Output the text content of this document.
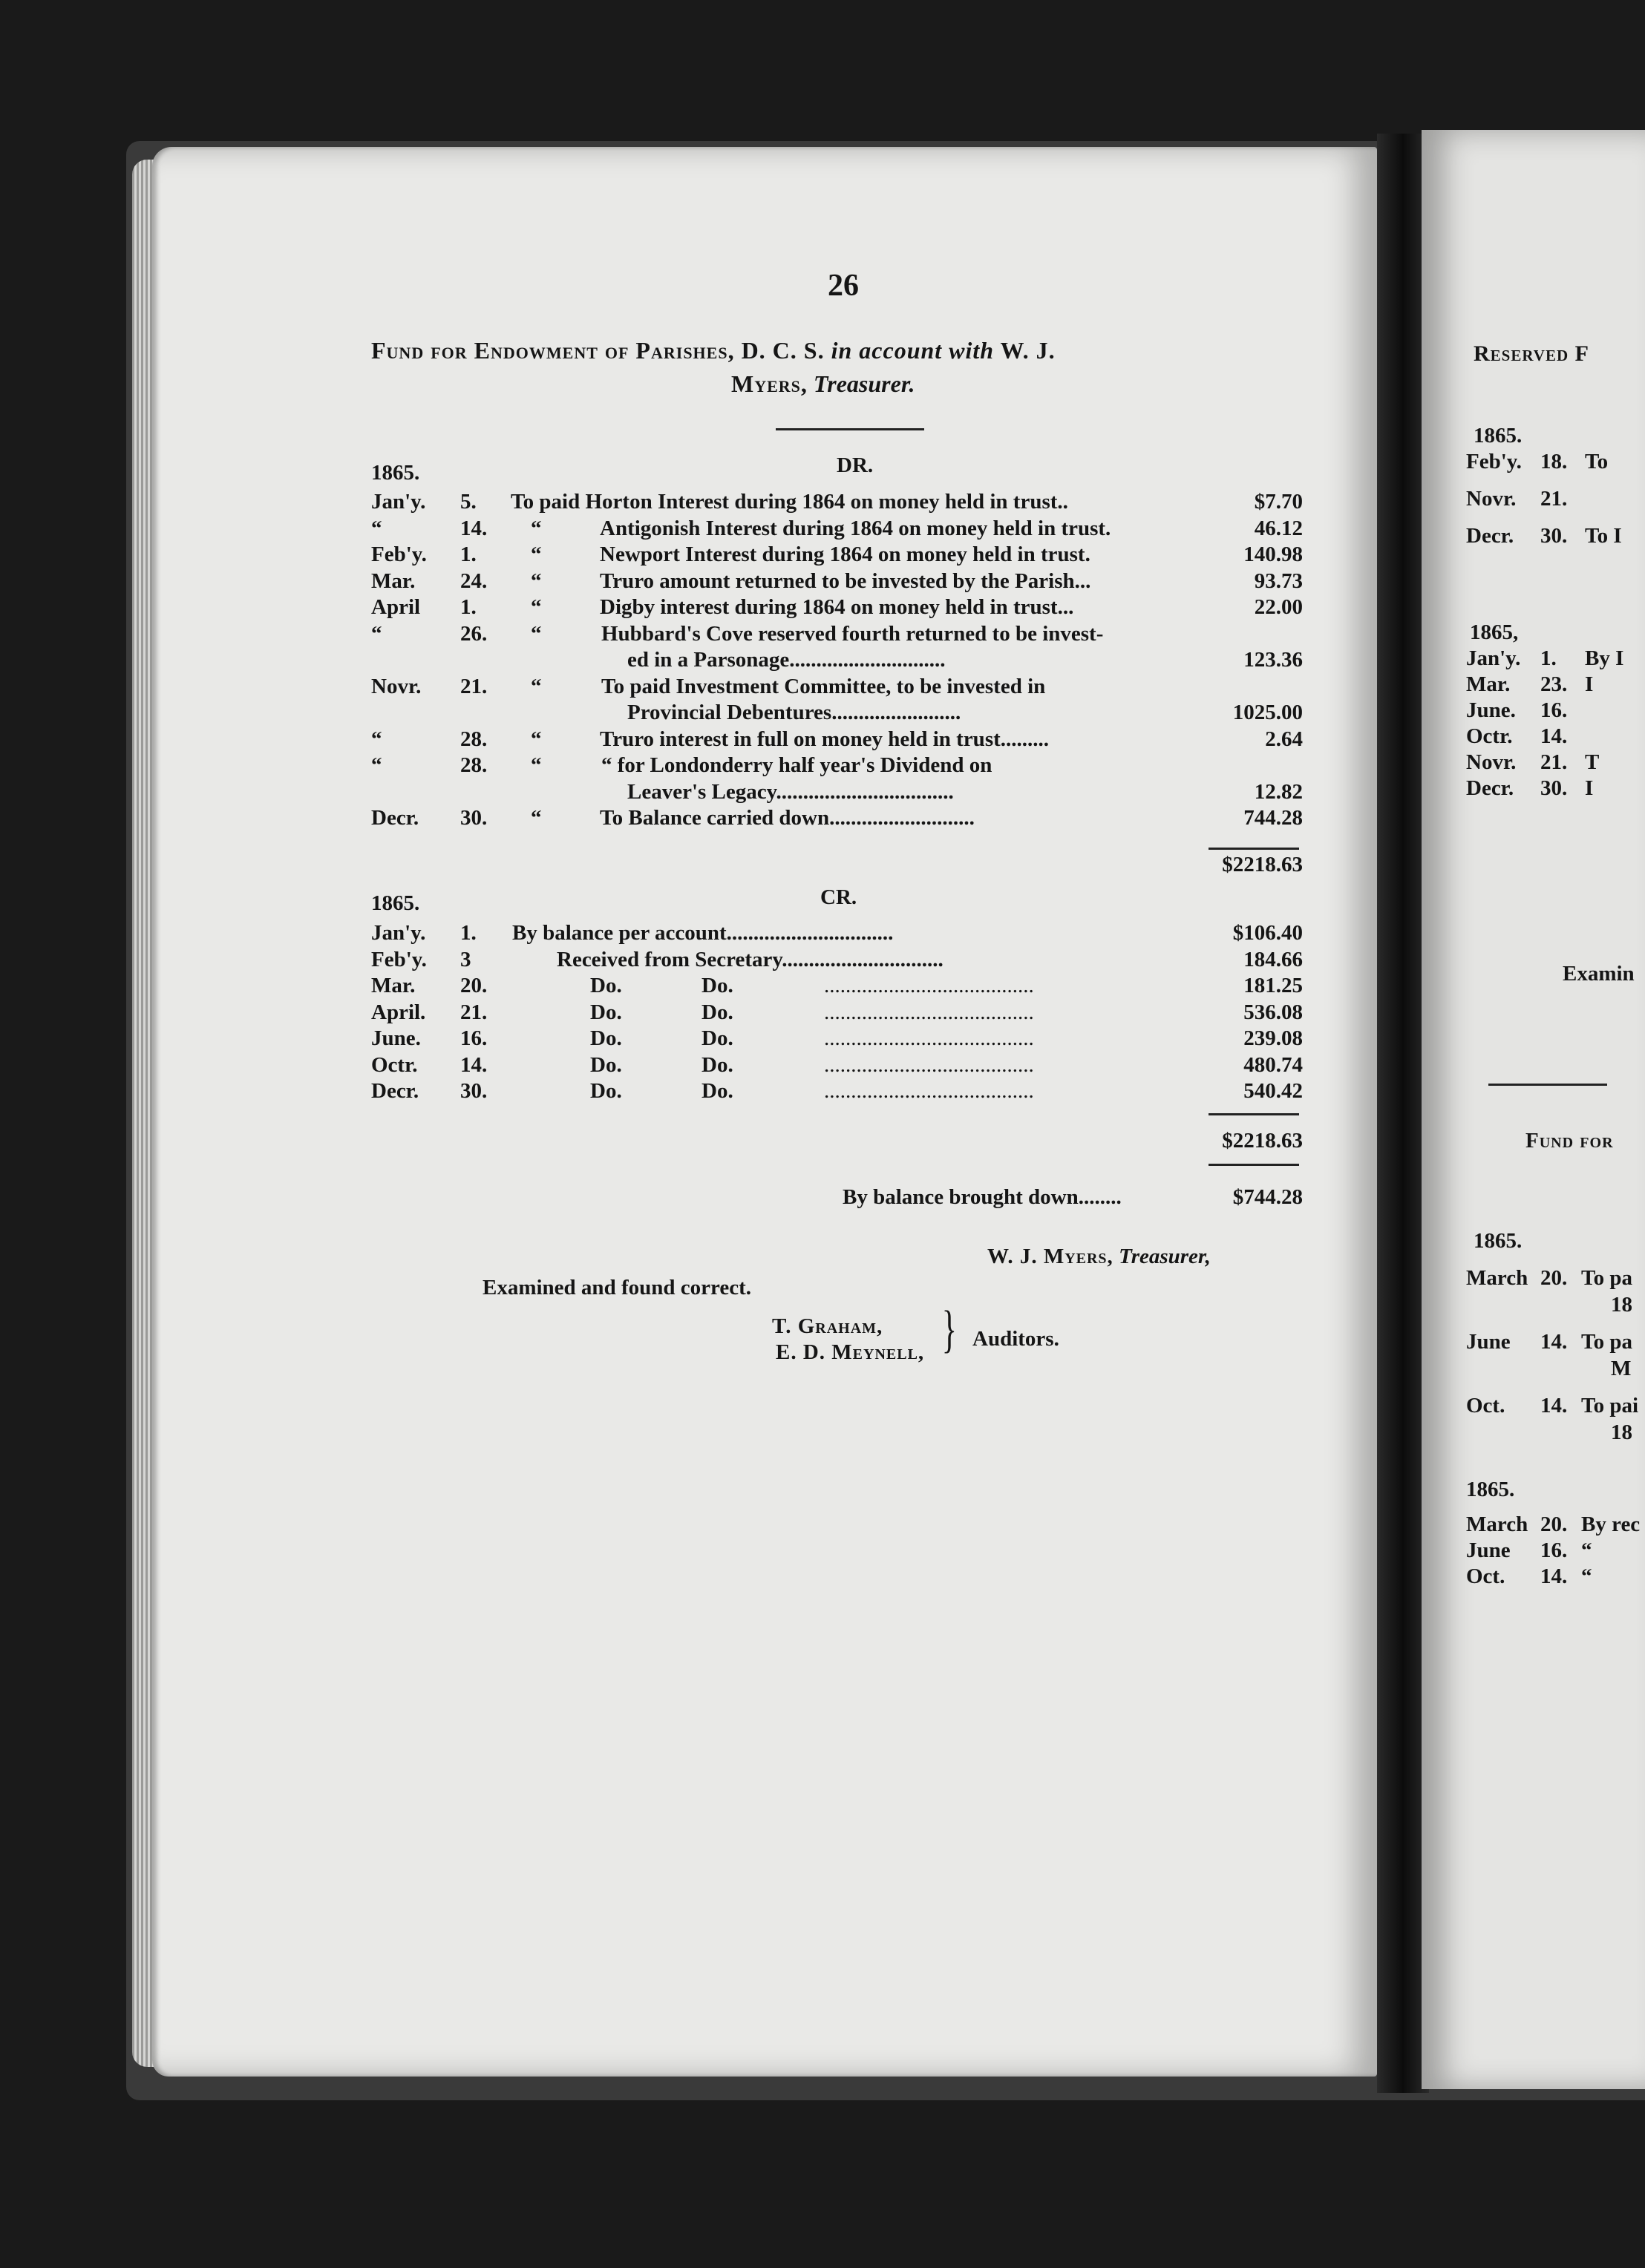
26
Fund for Endowment of Parishes, D. C. S. in account with W. J.
Myers, Treasurer.
1865.	DR.
Jan'y. 5. To paid Horton Interest during 1864 on money held in trust..	$7.70
“	14. “	Antigonish Interest during 1864 on money held in trust.	46.12
Feb'y. 1.	“	Newport Interest during 1864 on money held in trust.	140.98
Mar. 24. “	Truro amount returned to be invested by the Parish...	93.73
April 1.	“	Digby interest during 1864 on money held in trust...	22.00
“	26. “	Hubbard's Cove reserved fourth returned to be invest-
ed in a Parsonage.............................	123.36
Novr. 21. “	To paid Investment Committee, to be invested in
Provincial Debentures........................	1025.00
“	28. “	Truro interest in full on money held in trust.........	2.64
“	28. “	“ for Londonderry half year's Dividend on
Leaver's Legacy.................................	12.82
Decr. 30. “	To Balance carried down...........................	744.28
$2218.63
1865.	CR.
Jan'y. 1. By balance per account...............................	$106.40
Feb'y. 3	Received from Secretary..............................	184.66
Mar. 20.	Do.	Do.	.......................................	181.25
April. 21.	Do.	Do.	.......................................	536.08
June. 16.	Do.	Do.	.......................................	239.08
Octr. 14.	Do.	Do.	.......................................	480.74
Decr. 30.	Do.	Do.	.......................................	540.42
$2218.63
By balance brought down........	$744.28
W. J. Myers, Treasurer,
Examined and found correct.
T. Graham,
E. D. Meynell, } Auditors.
Reserved F
1865.
Feb'y. 18. To
Novr. 21.
Decr. 30. To I
1865,
Jan'y. 1. By I
Mar. 23. I
June. 16.
Octr. 14.
Novr. 21. T
Decr. 30. I
Examin
Fund for
1865.
March 20. To pa
18
June 14. To pa
M
Oct. 14. To pai
18
1865.
March 20. By rec
June 16. “
Oct. 14. “
